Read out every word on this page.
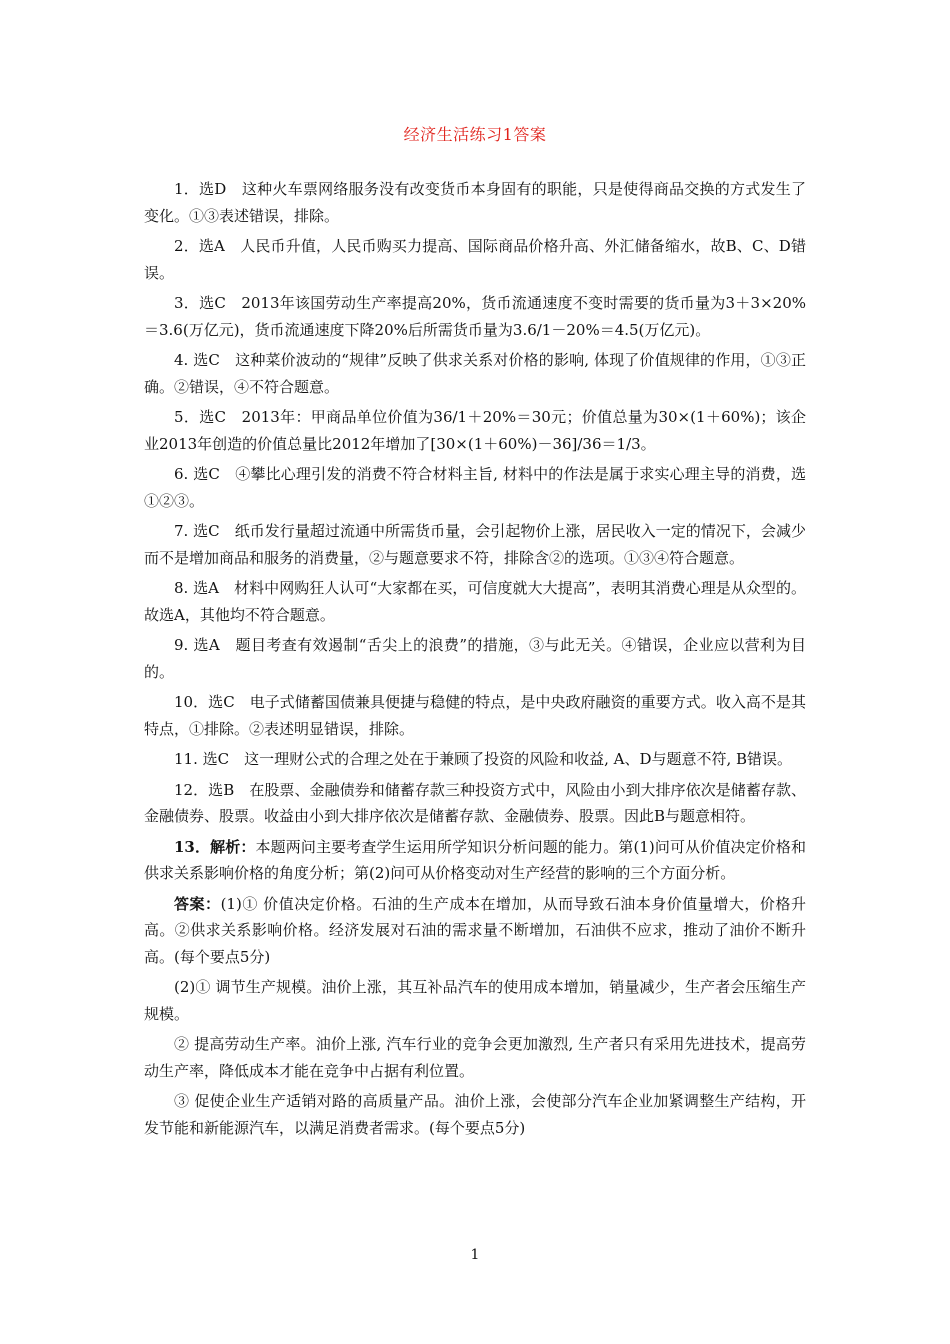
经济生活练习1答案

1．选D　这种火车票网络服务没有改变货币本身固有的职能，只是使得商品交换的方式发生了变化。①③表述错误，排除。

2．选A　人民币升值，人民币购买力提高、国际商品价格升高、外汇储备缩水，故B、C、D错误。

3．选C　2013年该国劳动生产率提高20%，货币流通速度不变时需要的货币量为3＋3×20%＝3.6(万亿元)，货币流通速度下降20%后所需货币量为3.6/1－20%＝4.5(万亿元)。

4. 选C　这种菜价波动的“规律”反映了供求关系对价格的影响, 体现了价值规律的作用，①③正确。②错误，④不符合题意。

5．选C　2013年：甲商品单位价值为36/1＋20%＝30元；价值总量为30×(1＋60%)；该企业2013年创造的价值总量比2012年增加了[30×(1＋60%)－36]/36＝1/3。

6. 选C　④攀比心理引发的消费不符合材料主旨, 材料中的作法是属于求实心理主导的消费，选①②③。

7. 选C　纸币发行量超过流通中所需货币量，会引起物价上涨，居民收入一定的情况下，会减少而不是增加商品和服务的消费量，②与题意要求不符，排除含②的选项。①③④符合题意。

8. 选A　材料中网购狂人认可“大家都在买，可信度就大大提高”，表明其消费心理是从众型的。故选A，其他均不符合题意。

9. 选A　题目考查有效遏制“舌尖上的浪费”的措施，③与此无关。④错误，企业应以营利为目的。

10．选C　电子式储蓄国债兼具便捷与稳健的特点，是中央政府融资的重要方式。收入高不是其特点，①排除。②表述明显错误，排除。

11. 选C　这一理财公式的合理之处在于兼顾了投资的风险和收益, A、D与题意不符, B错误。

12．选B　在股票、金融债券和储蓄存款三种投资方式中，风险由小到大排序依次是储蓄存款、金融债券、股票。收益由小到大排序依次是储蓄存款、金融债券、股票。因此B与题意相符。

13．解析：本题两问主要考查学生运用所学知识分析问题的能力。第(1)问可从价值决定价格和供求关系影响价格的角度分析；第(2)问可从价格变动对生产经营的影响的三个方面分析。

答案：(1)① 价值决定价格。石油的生产成本在增加，从而导致石油本身价值量增大，价格升高。②供求关系影响价格。经济发展对石油的需求量不断增加，石油供不应求，推动了油价不断升高。(每个要点5分)

(2)① 调节生产规模。油价上涨，其互补品汽车的使用成本增加，销量减少，生产者会压缩生产规模。

② 提高劳动生产率。油价上涨, 汽车行业的竞争会更加激烈, 生产者只有采用先进技术，提高劳动生产率，降低成本才能在竞争中占据有利位置。

③ 促使企业生产适销对路的高质量产品。油价上涨，会使部分汽车企业加紧调整生产结构，开发节能和新能源汽车，以满足消费者需求。(每个要点5分)

1
